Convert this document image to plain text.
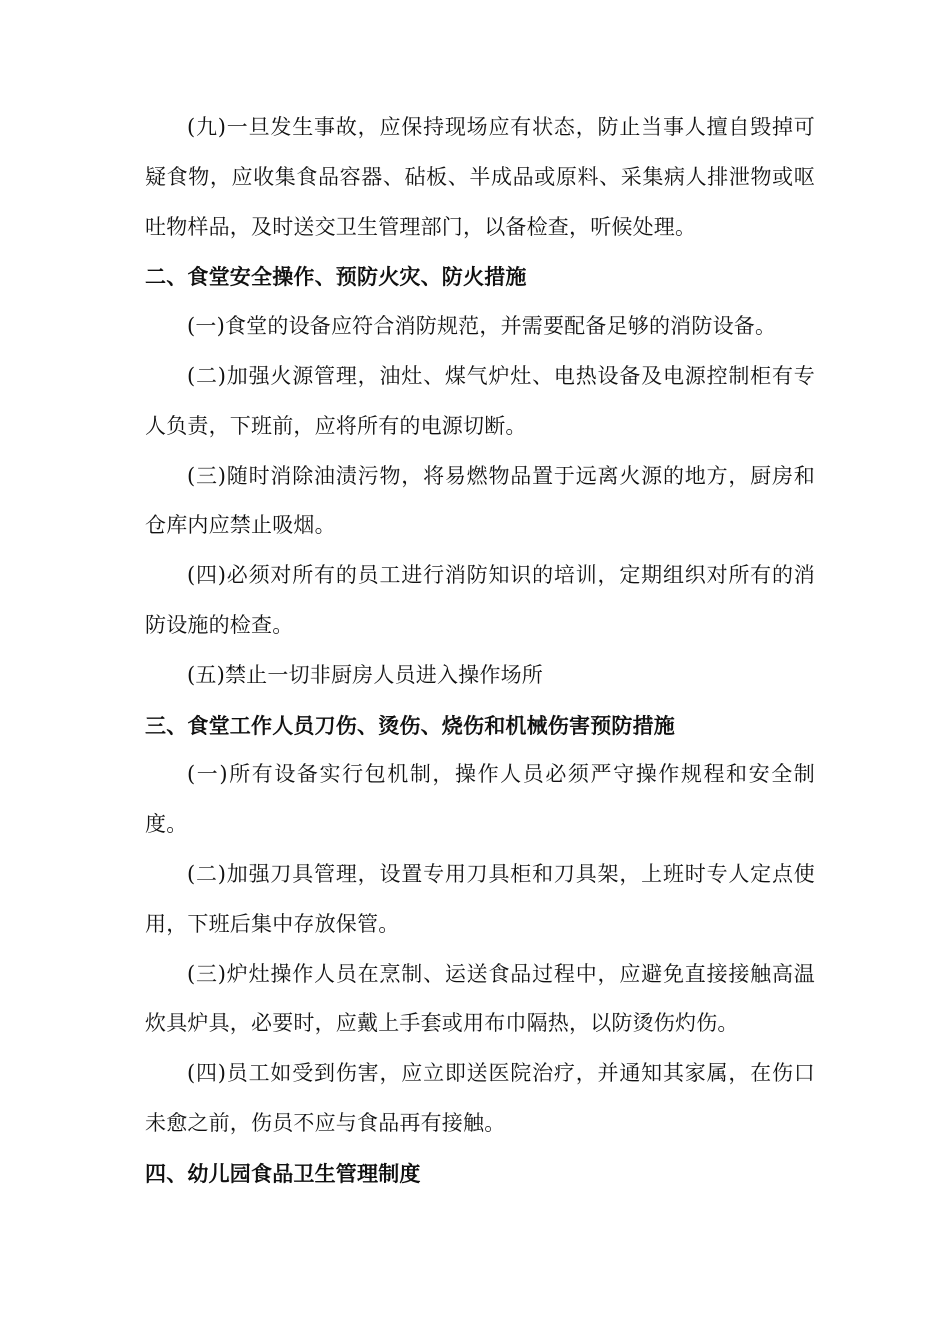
(九)一旦发生事故，应保持现场应有状态，防止当事人擅自毁掉可疑食物，应收集食品容器、砧板、半成品或原料、采集病人排泄物或呕吐物样品，及时送交卫生管理部门，以备检查，听候处理。

二、食堂安全操作、预防火灾、防火措施

(一)食堂的设备应符合消防规范，并需要配备足够的消防设备。

(二)加强火源管理，油灶、煤气炉灶、电热设备及电源控制柜有专人负责，下班前，应将所有的电源切断。

(三)随时消除油渍污物，将易燃物品置于远离火源的地方，厨房和仓库内应禁止吸烟。

(四)必须对所有的员工进行消防知识的培训，定期组织对所有的消防设施的检查。

(五)禁止一切非厨房人员进入操作场所

三、食堂工作人员刀伤、烫伤、烧伤和机械伤害预防措施

(一)所有设备实行包机制，操作人员必须严守操作规程和安全制度。

(二)加强刀具管理，设置专用刀具柜和刀具架，上班时专人定点使用，下班后集中存放保管。

(三)炉灶操作人员在烹制、运送食品过程中，应避免直接接触高温炊具炉具，必要时，应戴上手套或用布巾隔热，以防烫伤灼伤。

(四)员工如受到伤害，应立即送医院治疗，并通知其家属，在伤口未愈之前，伤员不应与食品再有接触。

四、幼儿园食品卫生管理制度
